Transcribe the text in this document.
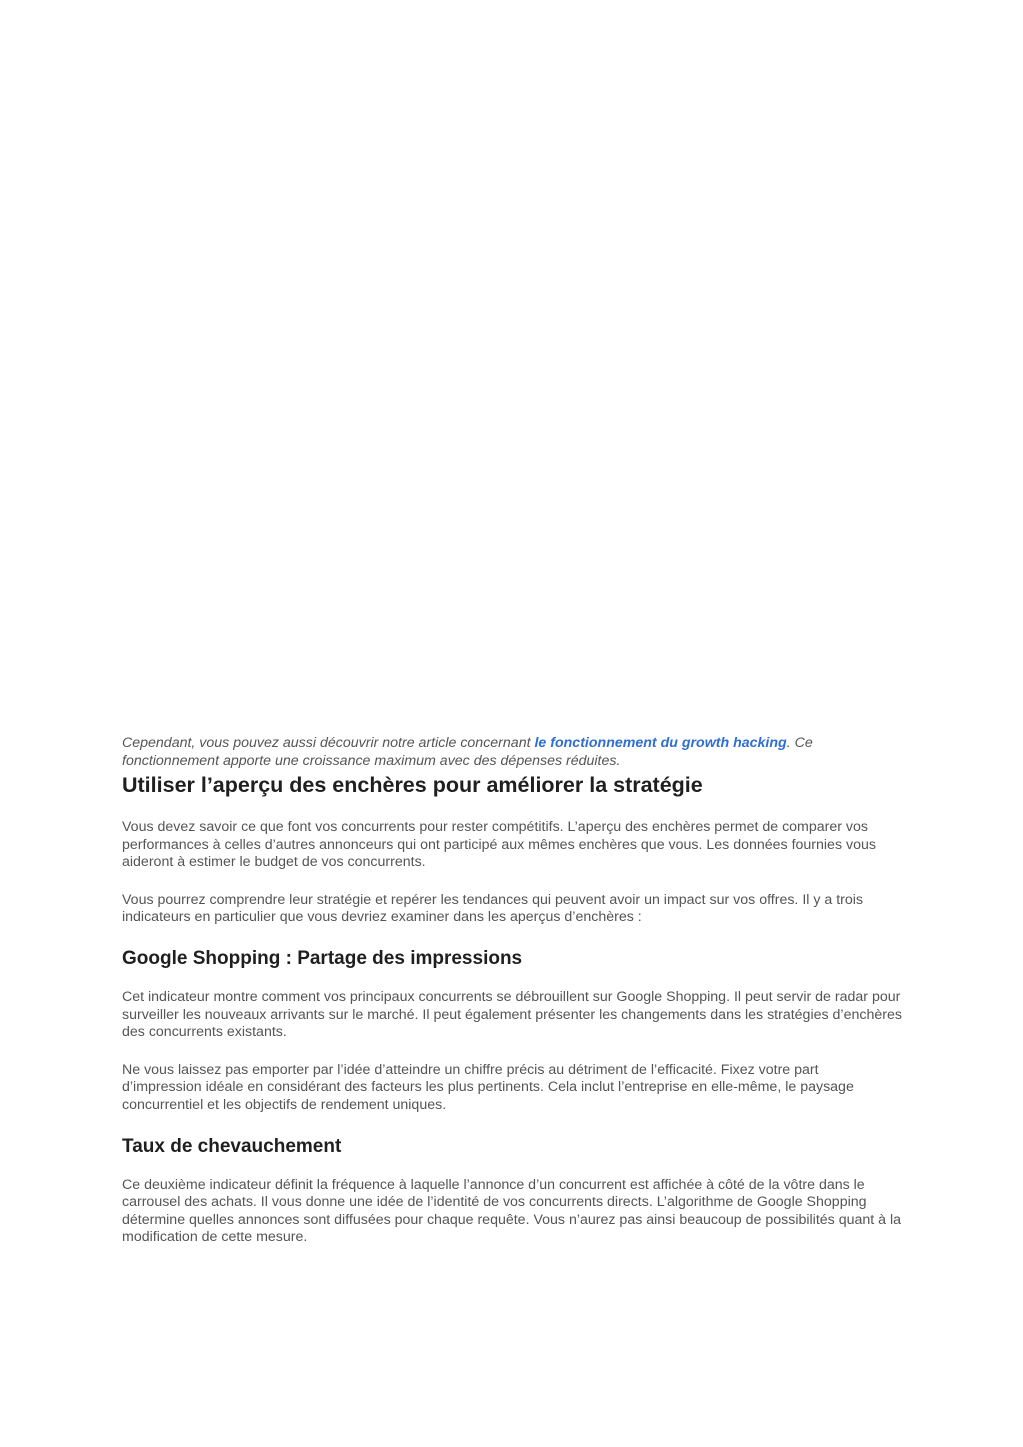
Cependant, vous pouvez aussi découvrir notre article concernant le fonctionnement du growth hacking. Ce fonctionnement apporte une croissance maximum avec des dépenses réduites.

Utiliser l’aperçu des enchères pour améliorer la stratégie

Vous devez savoir ce que font vos concurrents pour rester compétitifs. L’aperçu des enchères permet de comparer vos performances à celles d’autres annonceurs qui ont participé aux mêmes enchères que vous. Les données fournies vous aideront à estimer le budget de vos concurrents.

Vous pourrez comprendre leur stratégie et repérer les tendances qui peuvent avoir un impact sur vos offres. Il y a trois indicateurs en particulier que vous devriez examiner dans les aperçus d’enchères :

Google Shopping : Partage des impressions

Cet indicateur montre comment vos principaux concurrents se débrouillent sur Google Shopping. Il peut servir de radar pour surveiller les nouveaux arrivants sur le marché. Il peut également présenter les changements dans les stratégies d’enchères des concurrents existants.

Ne vous laissez pas emporter par l’idée d’atteindre un chiffre précis au détriment de l’efficacité. Fixez votre part d’impression idéale en considérant des facteurs les plus pertinents. Cela inclut l’entreprise en elle-même, le paysage concurrentiel et les objectifs de rendement uniques.

Taux de chevauchement

Ce deuxième indicateur définit la fréquence à laquelle l’annonce d’un concurrent est affichée à côté de la vôtre dans le carrousel des achats. Il vous donne une idée de l’identité de vos concurrents directs. L’algorithme de Google Shopping détermine quelles annonces sont diffusées pour chaque requête. Vous n’aurez pas ainsi beaucoup de possibilités quant à la modification de cette mesure.
